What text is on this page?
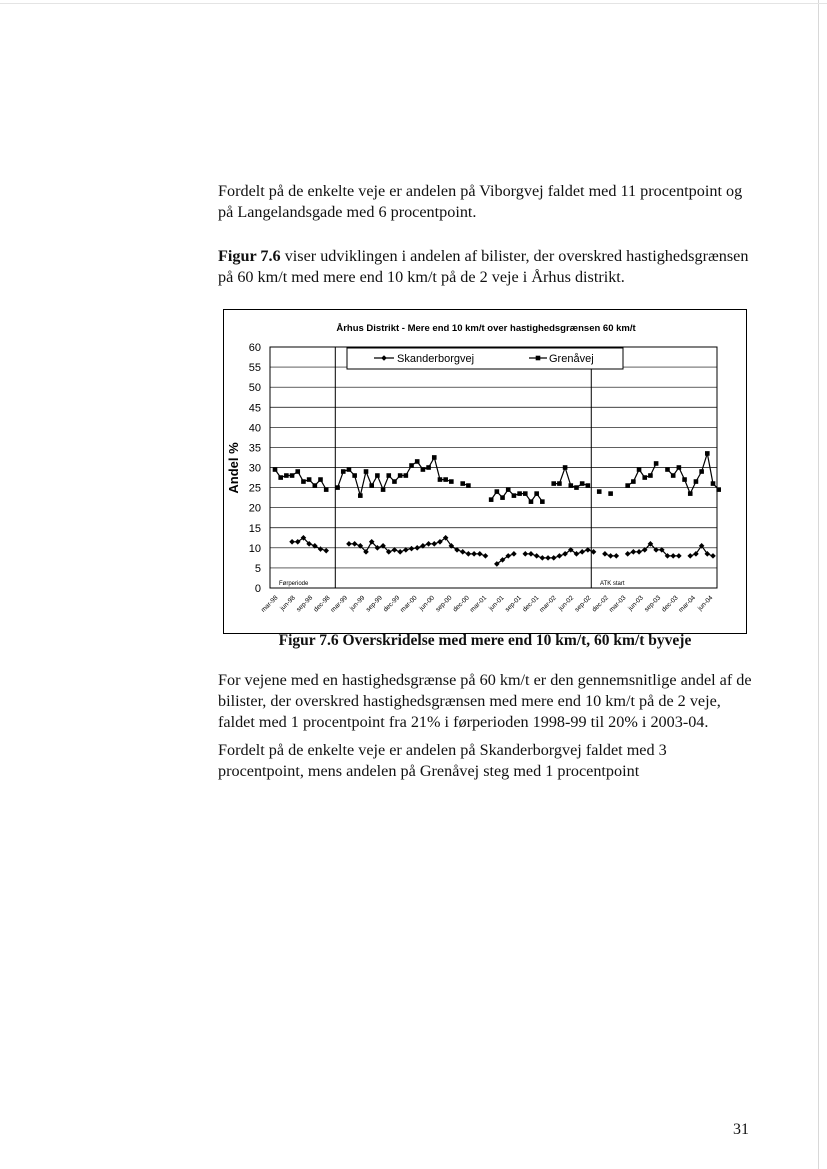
Fordelt på de enkelte veje er andelen på Viborgvej faldet med 11 procentpoint og på Langelandsgade med 6 procentpoint.

Figur 7.6 viser udviklingen i andelen af bilister, der overskred hastighedsgrænsen på 60 km/t med mere end 10 km/t på de 2 veje i Århus distrikt.

Århus Distrikt - Mere end 10 km/t over hastighedsgrænsen 60 km/t
0
5
10
15
20
25
30
35
40
45
50
55
60
Andel %
Førperiode	ATK start
mar-98 jun-98
sep-98
dec-98
mar-99 jun-99
sep-99
dec-99
mar-00 jun-00
sep-00
dec-00
mar-01 jun-01
sep-01
dec-01
mar-02 jun-02
sep-02
dec-02
mar-03 jun-03
sep-03
dec-03
mar-04 jun-04
Skanderborgvej	Grenåvej
Figur 7.6 Overskridelse med mere end 10 km/t, 60 km/t byveje

For vejene med en hastighedsgrænse på 60 km/t er den gennemsnitlige andel af de bilister, der overskred hastighedsgrænsen med mere end 10 km/t på de 2 veje, faldet med 1 procentpoint fra 21% i førperioden 1998-99 til 20% i 2003-04.

Fordelt på de enkelte veje er andelen på Skanderborgvej faldet med 3 procentpoint, mens andelen på Grenåvej steg med 1 procentpoint

31
